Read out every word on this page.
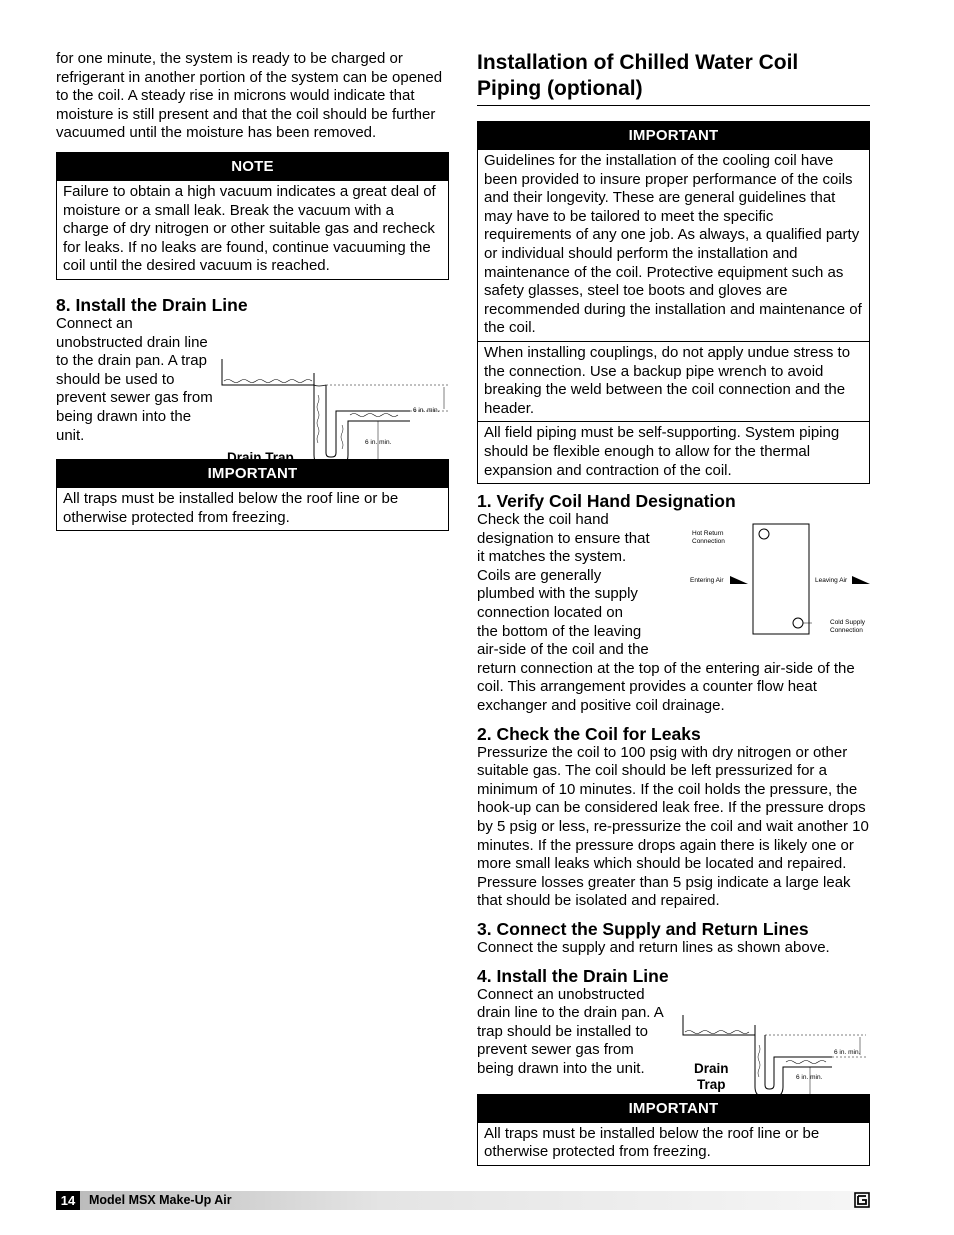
for one minute, the system is ready to be charged or refrigerant in another portion of the system can be opened to the coil. A steady rise in microns would indicate that moisture is still present and that the coil should be further vacuumed until the moisture has been removed.

NOTE
Failure to obtain a high vacuum indicates a great deal of moisture or a small leak. Break the vacuum with a charge of dry nitrogen or other suitable gas and recheck for leaks. If no leaks are found, continue vacuuming the coil until the desired vacuum is reached.
8. Install the Drain Line

Connect an unobstructed drain line to the drain pan. A trap should be used to prevent sewer gas from being drawn into the unit.

IMPORTANT
All traps must be installed below the roof line or be otherwise protected from freezing.
6 in. min.
6 in. min.
Drain Trap
Installation of Chilled Water Coil Piping (optional)
IMPORTANT
Guidelines for the installation of the cooling coil have been provided to insure proper performance of the coils and their longevity. These are general guidelines that may have to be tailored to meet the specific requirements of any one job. As always, a qualified party or individual should perform the installation and maintenance of the coil. Protective equipment such as safety glasses, steel toe boots and gloves are recommended during the installation and maintenance of the coil.
When installing couplings, do not apply undue stress to the connection. Use a backup pipe wrench to avoid breaking the weld between the coil connection and the header.
All field piping must be self-supporting. System piping should be flexible enough to allow for the thermal expansion and contraction of the coil.
1. Verify Coil Hand Designation
Check the coil hand
designation to ensure that
it matches the system.
Coils are generally
plumbed with the supply
connection located on
the bottom of the leaving
air-side of the coil and the
return connection at the top of the entering air-side of the coil. This arrangement provides a counter flow heat exchanger and positive coil drainage.
2. Check the Coil for Leaks

Pressurize the coil to 100 psig with dry nitrogen or other suitable gas. The coil should be left pressurized for a minimum of 10 minutes. If the coil holds the pressure, the hook-up can be considered leak free. If the pressure drops by 5 psig or less, re-pressurize the coil and wait another 10 minutes. If the pressure drops again there is likely one or more small leaks which should be located and repaired. Pressure losses greater than 5 psig indicate a large leak that should be isolated and repaired.

3. Connect the Supply and Return Lines

Connect the supply and return lines as shown above.

4. Install the Drain Line

Connect an unobstructed drain line to the drain pan. A trap should be installed to prevent sewer gas from being drawn into the unit.

IMPORTANT
All traps must be installed below the roof line or be otherwise protected from freezing.
Hot Return
Connection
Entering Air	Leaving Air
Cold Supply
Connection
6 in. min.
6 in. min.
Drain
Trap
14	Model MSX Make-Up Air
